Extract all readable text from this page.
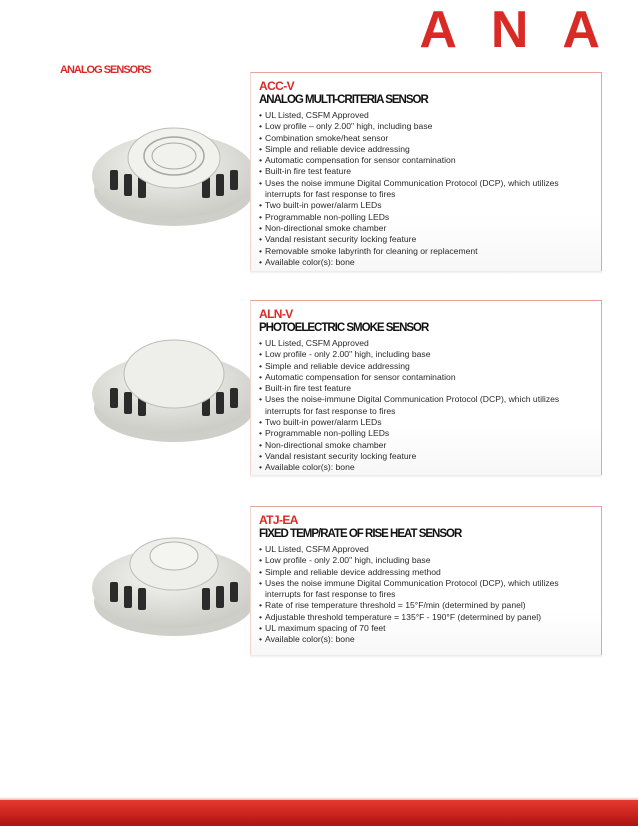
ANA
ANALOG SENSORS
ACC-V
ANALOG MULTI-CRITERIA SENSOR
• UL Listed, CSFM Approved
• Low profile – only 2.00" high, including base
• Combination smoke/heat sensor
• Simple and reliable device addressing
• Automatic compensation for sensor contamination
• Built-in fire test feature
• Uses the noise immune Digital Communication Protocol (DCP), which utilizes
interrupts for fast response to fires
• Two built-in power/alarm LEDs
• Programmable non-polling LEDs
• Non-directional smoke chamber
• Vandal resistant security locking feature
• Removable smoke labyrinth for cleaning or replacement
• Available color(s): bone
ALN-V
PHOTOELECTRIC SMOKE SENSOR
• UL Listed, CSFM Approved
• Low profile - only 2.00" high, including base
• Simple and reliable device addressing
• Automatic compensation for sensor contamination
• Built-in fire test feature
• Uses the noise-immune Digital Communication Protocol (DCP), which utilizes
interrupts for fast response to fires
• Two built-in power/alarm LEDs
• Programmable non-polling LEDs
• Non-directional smoke chamber
• Vandal resistant security locking feature
• Available color(s): bone
ATJ-EA
FIXED TEMP/RATE OF RISE HEAT SENSOR
• UL Listed, CSFM Approved
• Low profile - only 2.00" high, including base
• Simple and reliable device addressing method
• Uses the noise immune Digital Communication Protocol (DCP), which utilizes
interrupts for fast response to fires
• Rate of rise temperature threshold = 15°F/min (determined by panel)
• Adjustable threshold temperature = 135°F - 190°F (determined by panel)
• UL maximum spacing of 70 feet
• Available color(s): bone
